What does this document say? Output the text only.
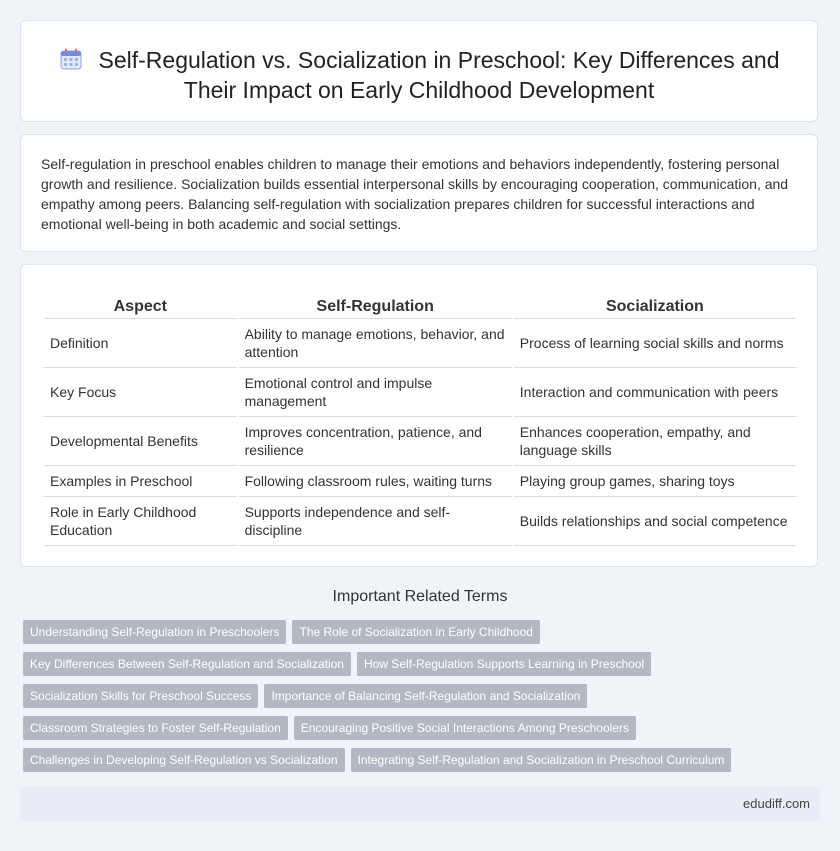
Self-Regulation vs. Socialization in Preschool: Key Differences and
Their Impact on Early Childhood Development

Self-regulation in preschool enables children to manage their emotions and behaviors independently, fostering personal growth and resilience. Socialization builds essential interpersonal skills by encouraging cooperation, communication, and empathy among peers. Balancing self-regulation with socialization prepares children for successful interactions and emotional well-being in both academic and social settings.

Aspect	Self-Regulation	Socialization
Definition	Ability to manage emotions, behavior, and attention	Process of learning social skills and norms
Key Focus	Emotional control and impulse management	Interaction and communication with peers
Developmental Benefits	Improves concentration, patience, and resilience	Enhances cooperation, empathy, and language skills
Examples in Preschool	Following classroom rules, waiting turns	Playing group games, sharing toys
Role in Early Childhood Education	Supports independence and self-discipline	Builds relationships and social competence
Important Related Terms
Understanding Self-Regulation in Preschoolers The Role of Socialization in Early Childhood
Key Differences Between Self-Regulation and Socialization How Self-Regulation Supports Learning in Preschool
Socialization Skills for Preschool Success Importance of Balancing Self-Regulation and Socialization
Classroom Strategies to Foster Self-Regulation Encouraging Positive Social Interactions Among Preschoolers
Challenges in Developing Self-Regulation vs Socialization Integrating Self-Regulation and Socialization in Preschool Curriculum
edudiff.com
